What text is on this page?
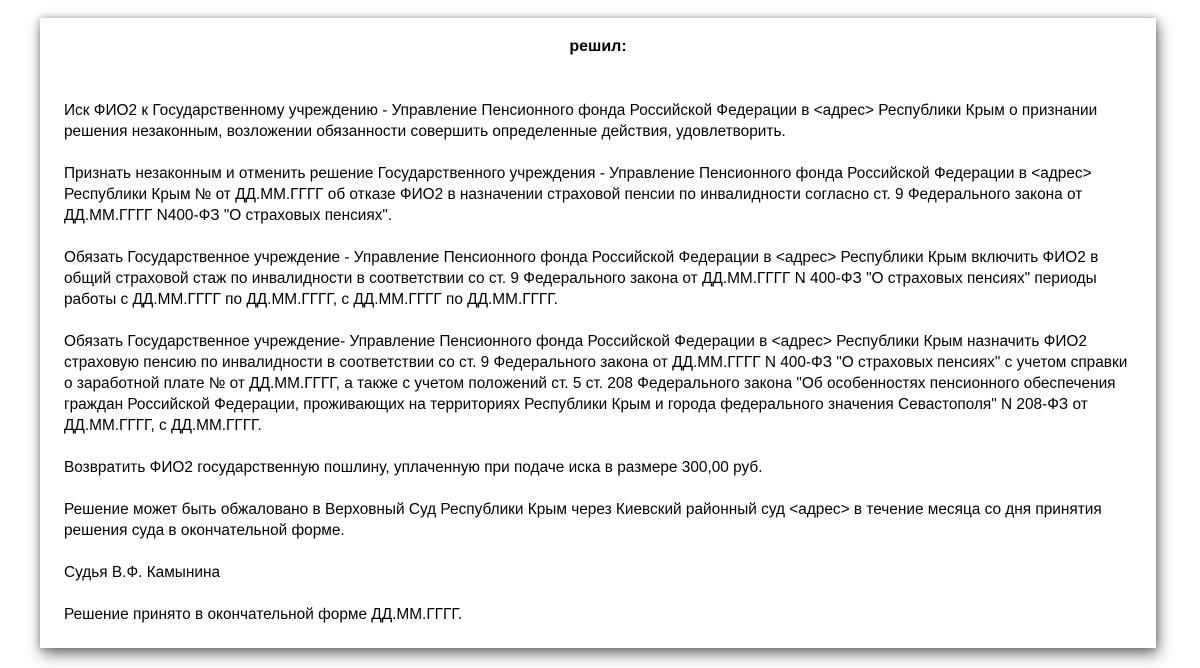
решил:

Иск ФИО2 к Государственному учреждению - Управление Пенсионного фонда Российской Федерации в <адрес> Республики Крым о признании решения незаконным, возложении обязанности совершить определенные действия, удовлетворить.

Признать незаконным и отменить решение Государственного учреждения - Управление Пенсионного фонда Российской Федерации в <адрес> Республики Крым № от ДД.ММ.ГГГГ об отказе ФИО2 в назначении страховой пенсии по инвалидности согласно ст. 9 Федерального закона от ДД.ММ.ГГГГ N400-ФЗ "О страховых пенсиях".

Обязать Государственное учреждение - Управление Пенсионного фонда Российской Федерации в <адрес> Республики Крым включить ФИО2 в общий страховой стаж по инвалидности в соответствии со ст. 9 Федерального закона от ДД.ММ.ГГГГ N 400-ФЗ "О страховых пенсиях" периоды работы с ДД.ММ.ГГГГ по ДД.ММ.ГГГГ, с ДД.ММ.ГГГГ по ДД.ММ.ГГГГ.

Обязать Государственное учреждение- Управление Пенсионного фонда Российской Федерации в <адрес> Республики Крым назначить ФИО2 страховую пенсию по инвалидности в соответствии со ст. 9 Федерального закона от ДД.ММ.ГГГГ N 400-ФЗ "О страховых пенсиях" с учетом справки о заработной плате № от ДД.ММ.ГГГГ, а также с учетом положений ст. 5 ст. 208 Федерального закона "Об особенностях пенсионного обеспечения граждан Российской Федерации, проживающих на территориях Республики Крым и города федерального значения Севастополя" N 208-ФЗ от ДД.ММ.ГГГГ, с ДД.ММ.ГГГГ.

Возвратить ФИО2 государственную пошлину, уплаченную при подаче иска в размере 300,00 руб.

Решение может быть обжаловано в Верховный Суд Республики Крым через Киевский районный суд <адрес> в течение месяца со дня принятия решения суда в окончательной форме.

Судья В.Ф. Камынина

Решение принято в окончательной форме ДД.ММ.ГГГГ.
